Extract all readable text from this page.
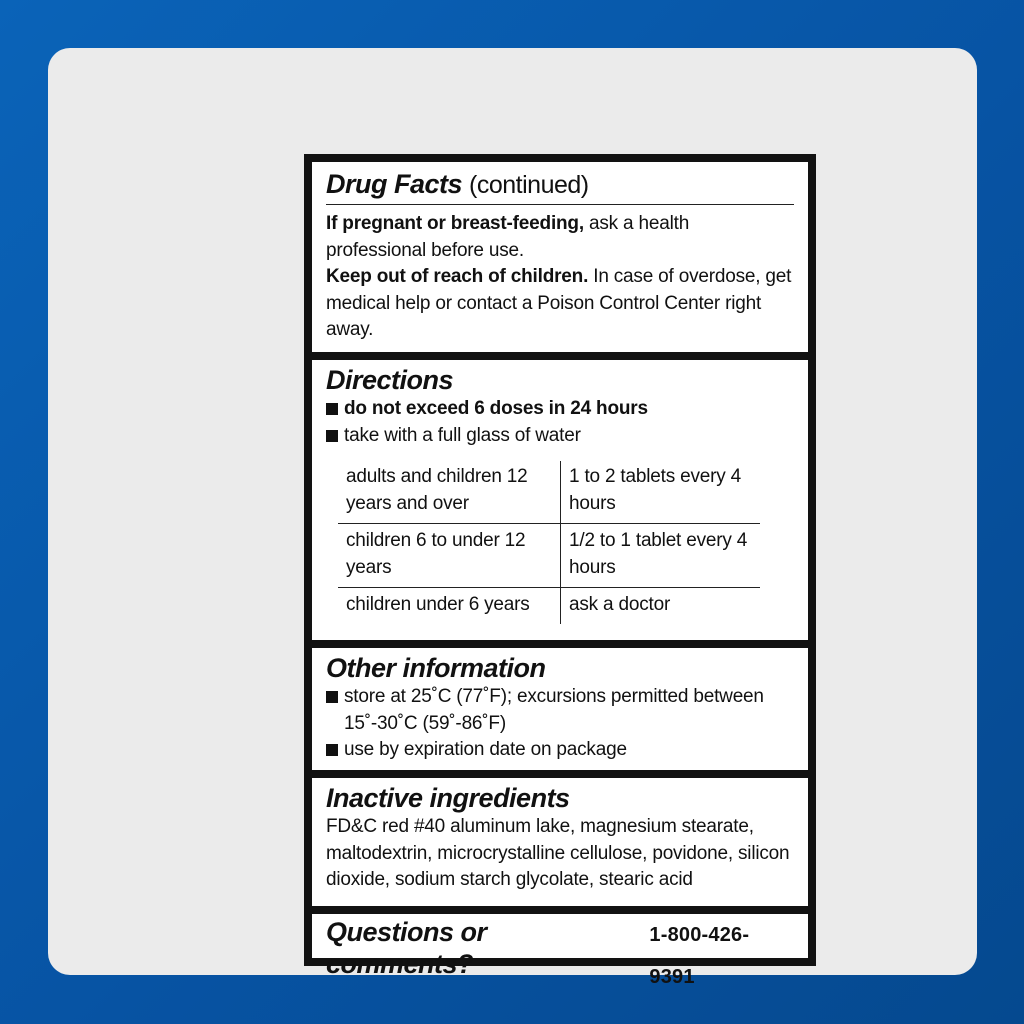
Drug Facts (continued)
If pregnant or breast-feeding, ask a health professional before use.
Keep out of reach of children. In case of overdose, get medical help or contact a Poison Control Center right away.
Directions
do not exceed 6 doses in 24 hours
take with a full glass of water
adults and children 12 years and over	1 to 2 tablets every 4 hours
children 6 to under 12 years	1/2 to 1 tablet every 4 hours
children under 6 years	ask a doctor
Other information
store at 25˚C (77˚F); excursions permitted between 15˚-30˚C (59˚-86˚F)
use by expiration date on package
Inactive ingredients
FD&C red #40 aluminum lake, magnesium stearate, maltodextrin, microcrystalline cellulose, povidone, silicon dioxide, sodium starch glycolate, stearic acid
Questions or comments?
1-800-426-9391
